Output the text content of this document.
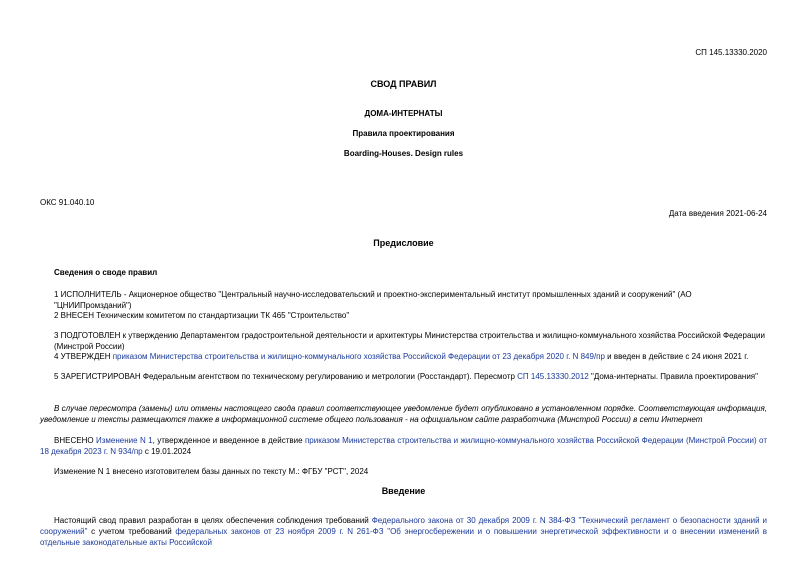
СП 145.13330.2020
СВОД ПРАВИЛ
ДОМА-ИНТЕРНАТЫ
Правила проектирования
Boarding-Houses. Design rules
ОКС 91.040.10
Дата введения 2021-06-24
Предисловие
Сведения о своде правил
1 ИСПОЛНИТЕЛЬ - Акционерное общество "Центральный научно-исследовательский и проектно-экспериментальный институт промышленных зданий и сооружений" (АО "ЦНИИПромзданий")
2 ВНЕСЕН Техническим комитетом по стандартизации ТК 465 "Строительство"
3 ПОДГОТОВЛЕН к утверждению Департаментом градостроительной деятельности и архитектуры Министерства строительства и жилищно-коммунального хозяйства Российской Федерации (Минстрой России)
4 УТВЕРЖДЕН приказом Министерства строительства и жилищно-коммунального хозяйства Российской Федерации от 23 декабря 2020 г. N 849/пр и введен в действие с 24 июня 2021 г.
5 ЗАРЕГИСТРИРОВАН Федеральным агентством по техническому регулированию и метрологии (Росстандарт). Пересмотр СП 145.13330.2012 "Дома-интернаты. Правила проектирования"
В случае пересмотра (замены) или отмены настоящего свода правил соответствующее уведомление будет опубликовано в установленном порядке. Соответствующая информация, уведомление и тексты размещаются также в информационной системе общего пользования - на официальном сайте разработчика (Минстрой России) в сети Интернет
ВНЕСЕНО Изменение N 1, утвержденное и введенное в действие приказом Министерства строительства и жилищно-коммунального хозяйства Российской Федерации (Минстрой России) от 18 декабря 2023 г. N 934/пр с 19.01.2024
Изменение N 1 внесено изготовителем базы данных по тексту М.: ФГБУ "РСТ", 2024
Введение
Настоящий свод правил разработан в целях обеспечения соблюдения требований Федерального закона от 30 декабря 2009 г. N 384-ФЗ "Технический регламент о безопасности зданий и сооружений" с учетом требований федеральных законов от 23 ноября 2009 г. N 261-ФЗ "Об энергосбережении и о повышении энергетической эффективности и о внесении изменений в отдельные законодательные акты Российской
